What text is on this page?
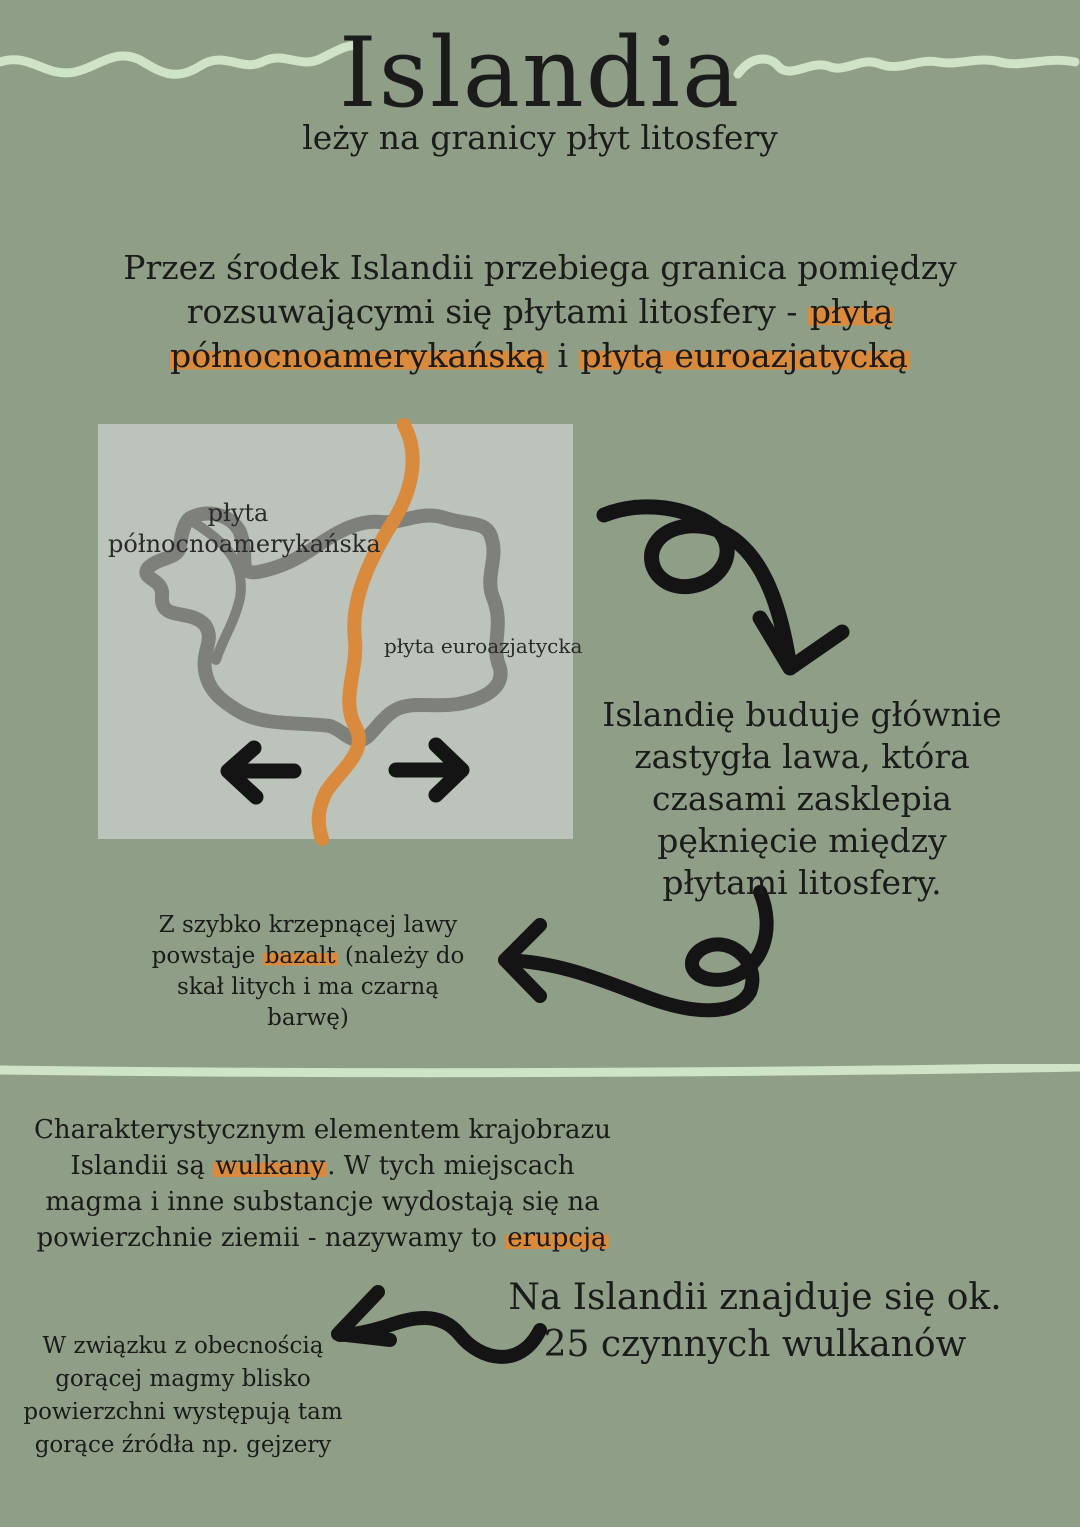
Islandia
leży na granicy płyt litosfery
Przez środek Islandii przebiega granica pomiędzy rozsuwającymi się płytami litosfery - płytą północnoamerykańską i płytą euroazjatycką
płyta
północnoamerykańska
płyta euroazjatycka
Islandię buduje głównie zastygła lawa, która czasami zasklepia pęknięcie między płytami litosfery.
Z szybko krzepnącej lawy powstaje bazalt (należy do skał litych i ma czarną barwę)
Charakterystycznym elementem krajobrazu Islandii są wulkany. W tych miejscach magma i inne substancje wydostają się na powierzchnie ziemii - nazywamy to erupcją
Na Islandii znajduje się ok. 25 czynnych wulkanów
W związku z obecnością gorącej magmy blisko powierzchni występują tam gorące źródła np. gejzery
